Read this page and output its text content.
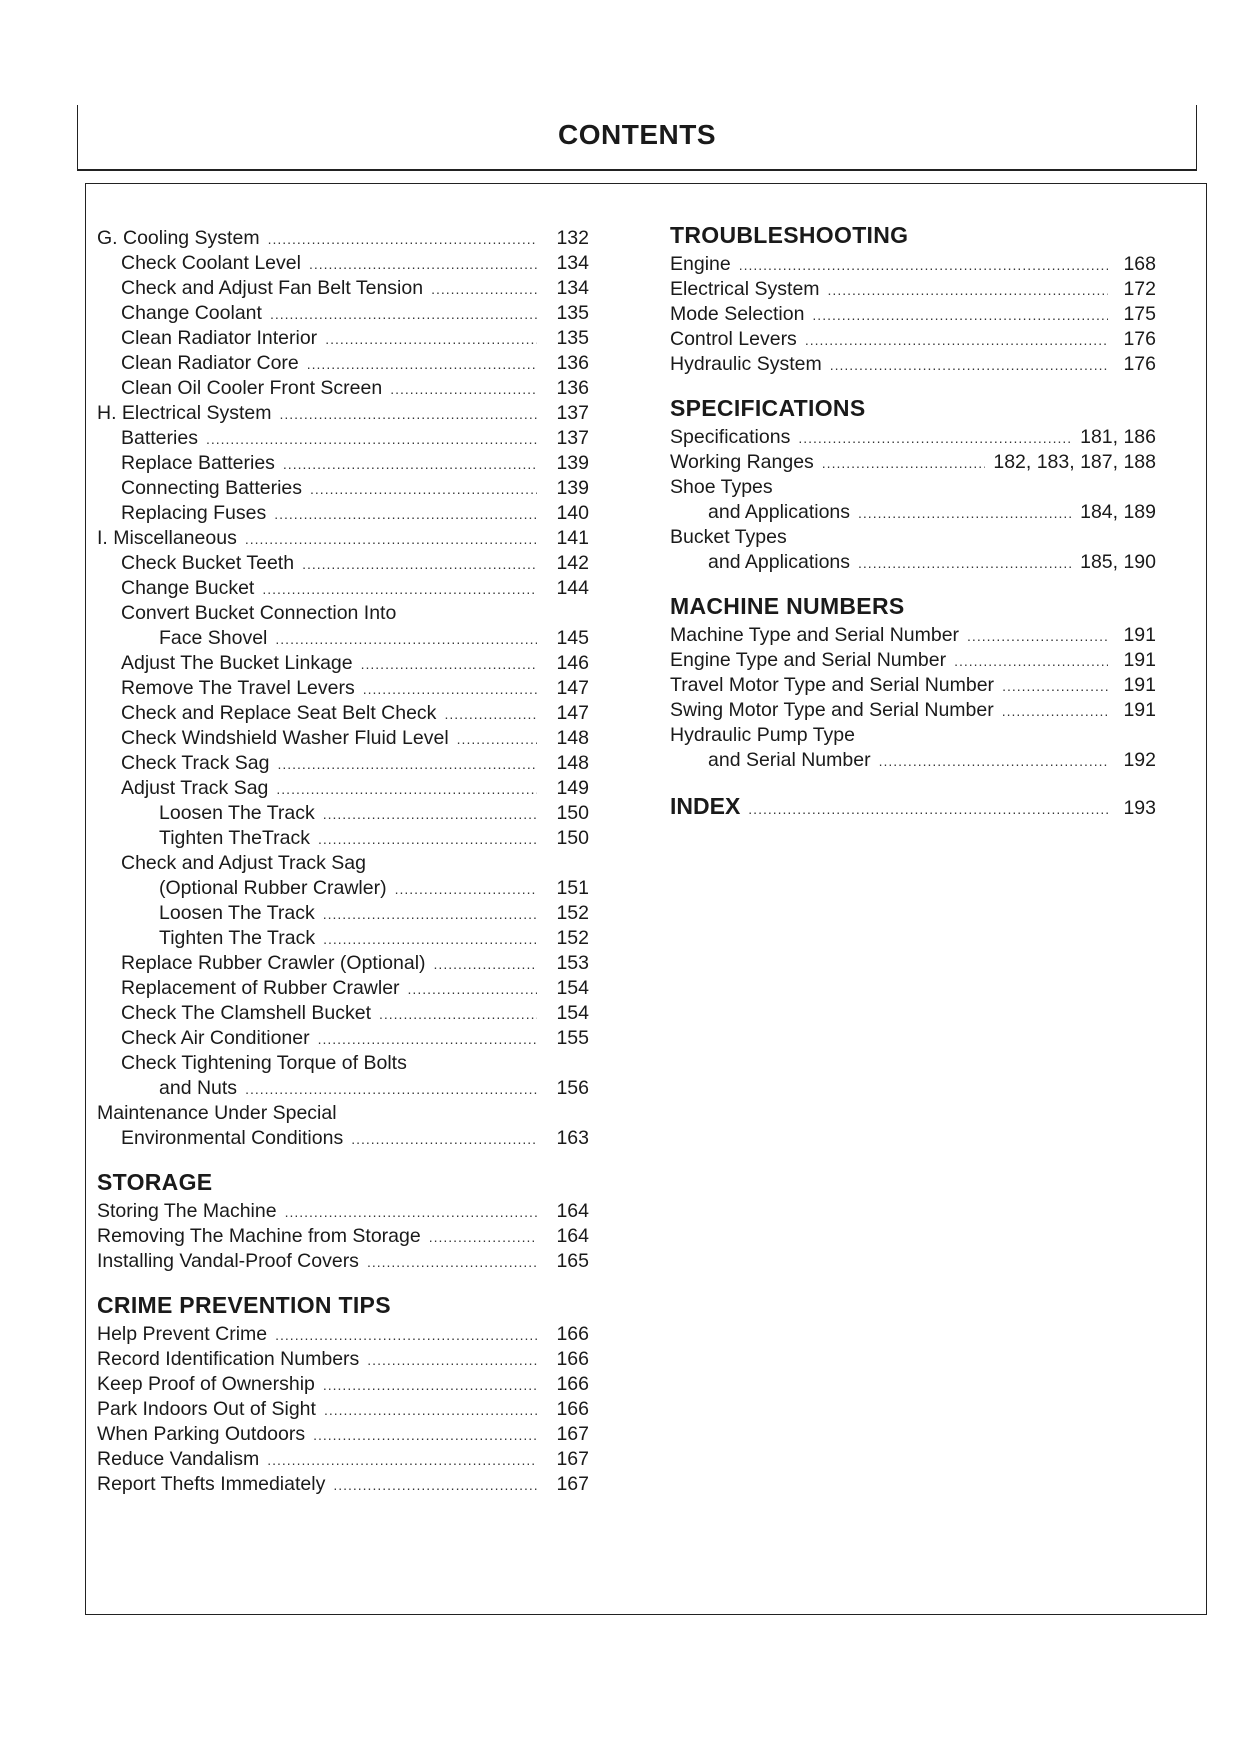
CONTENTS
G. Cooling System .....	132
Check Coolant Level .....	134
Check and Adjust Fan Belt Tension .....	134
Change Coolant .....	135
Clean Radiator Interior .....	135
Clean Radiator Core .....	136
Clean Oil Cooler Front Screen .....	136
H. Electrical System .....	137
Batteries .....	137
Replace Batteries .....	139
Connecting Batteries .....	139
Replacing Fuses .....	140
I. Miscellaneous .....	141
Check Bucket Teeth .....	142
Change Bucket .....	144
Convert Bucket Connection Into
Face Shovel .....	145
Adjust The Bucket Linkage .....	146
Remove The Travel Levers .....	147
Check and Replace Seat Belt Check .....	147
Check Windshield Washer Fluid Level .....	148
Check Track Sag .....	148
Adjust Track Sag .....	149
Loosen The Track .....	150
Tighten TheTrack .....	150
Check and Adjust Track Sag
(Optional Rubber Crawler) .....	151
Loosen The Track .....	152
Tighten The Track .....	152
Replace Rubber Crawler (Optional) .....	153
Replacement of Rubber Crawler .....	154
Check The Clamshell Bucket .....	154
Check Air Conditioner .....	155
Check Tightening Torque of Bolts
and Nuts .....	156
Maintenance Under Special
Environmental Conditions .....	163
STORAGE
Storing The Machine .....	164
Removing The Machine from Storage .....	164
Installing Vandal-Proof Covers .....	165
CRIME PREVENTION TIPS
Help Prevent Crime .....	166
Record Identification Numbers .....	166
Keep Proof of Ownership .....	166
Park Indoors Out of Sight .....	166
When Parking Outdoors .....	167
Reduce Vandalism .....	167
Report Thefts Immediately .....	167
TROUBLESHOOTING
Engine .....	168
Electrical System .....	172
Mode Selection .....	175
Control Levers .....	176
Hydraulic System .....	176
SPECIFICATIONS
Specifications .....	181, 186
Working Ranges .....	182, 183, 187, 188
Shoe Types
and Applications .....	184, 189
Bucket Types
and Applications .....	185, 190
MACHINE NUMBERS
Machine Type and Serial Number .....	191
Engine Type and Serial Number .....	191
Travel Motor Type and Serial Number .....	191
Swing Motor Type and Serial Number .....	191
Hydraulic Pump Type
and Serial Number .....	192
INDEX .....	193
